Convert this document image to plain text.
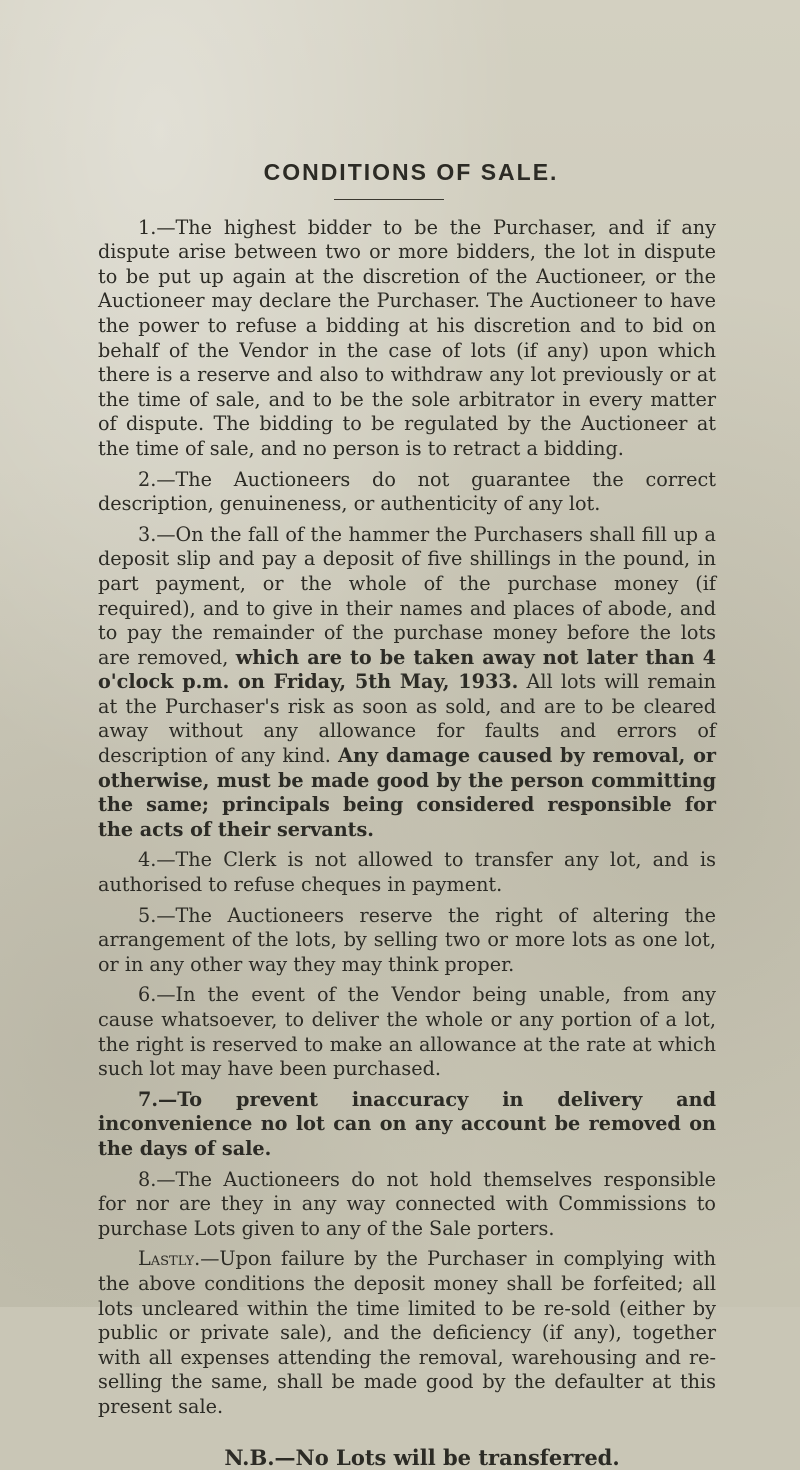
CONDITIONS OF SALE.

1.—The highest bidder to be the Purchaser, and if any dispute arise between two or more bidders, the lot in dispute to be put up again at the discretion of the Auctioneer, or the Auctioneer may declare the Purchaser. The Auctioneer to have the power to refuse a bidding at his discretion and to bid on behalf of the Vendor in the case of lots (if any) upon which there is a reserve and also to withdraw any lot previously or at the time of sale, and to be the sole arbitrator in every matter of dispute. The bidding to be regulated by the Auctioneer at the time of sale, and no person is to retract a bidding.

2.—The Auctioneers do not guarantee the correct description, genuineness, or authenticity of any lot.

3.—On the fall of the hammer the Purchasers shall fill up a deposit slip and pay a deposit of five shillings in the pound, in part payment, or the whole of the purchase money (if required), and to give in their names and places of abode, and to pay the remainder of the purchase money before the lots are removed, which are to be taken away not later than 4 o'clock p.m. on Friday, 5th May, 1933. All lots will remain at the Purchaser's risk as soon as sold, and are to be cleared away without any allowance for faults and errors of description of any kind. Any damage caused by removal, or otherwise, must be made good by the person committing the same; principals being considered responsible for the acts of their servants.

4.—The Clerk is not allowed to transfer any lot, and is authorised to refuse cheques in payment.

5.—The Auctioneers reserve the right of altering the arrangement of the lots, by selling two or more lots as one lot, or in any other way they may think proper.

6.—In the event of the Vendor being unable, from any cause whatsoever, to deliver the whole or any portion of a lot, the right is reserved to make an allowance at the rate at which such lot may have been purchased.

7.—To prevent inaccuracy in delivery and inconvenience no lot can on any account be removed on the days of sale.

8.—The Auctioneers do not hold themselves responsible for nor are they in any way connected with Commissions to purchase Lots given to any of the Sale porters.

Lastly.—Upon failure by the Purchaser in complying with the above conditions the deposit money shall be forfeited; all lots uncleared within the time limited to be re-sold (either by public or private sale), and the deficiency (if any), together with all expenses attending the removal, warehousing and re-selling the same, shall be made good by the defaulter at this present sale.

N.B.—No Lots will be transferred.
